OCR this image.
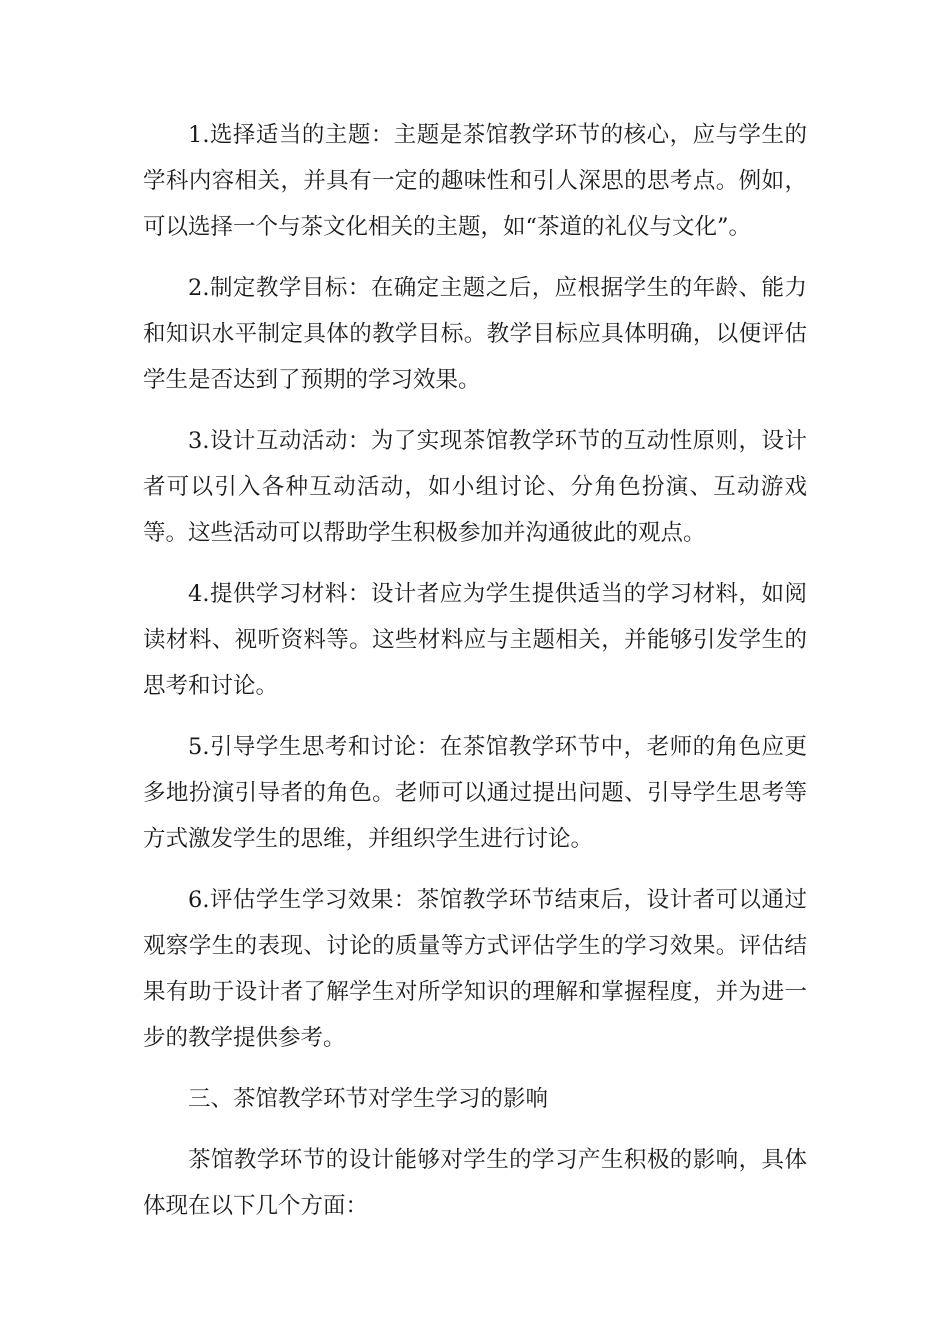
1.选择适当的主题：主题是茶馆教学环节的核心，应与学生的学科内容相关，并具有一定的趣味性和引人深思的思考点。例如，可以选择一个与茶文化相关的主题，如“茶道的礼仪与文化”。

2.制定教学目标：在确定主题之后，应根据学生的年龄、能力和知识水平制定具体的教学目标。教学目标应具体明确，以便评估学生是否达到了预期的学习效果。

3.设计互动活动：为了实现茶馆教学环节的互动性原则，设计者可以引入各种互动活动，如小组讨论、分角色扮演、互动游戏等。这些活动可以帮助学生积极参加并沟通彼此的观点。

4.提供学习材料：设计者应为学生提供适当的学习材料，如阅读材料、视听资料等。这些材料应与主题相关，并能够引发学生的思考和讨论。

5.引导学生思考和讨论：在茶馆教学环节中，老师的角色应更多地扮演引导者的角色。老师可以通过提出问题、引导学生思考等方式激发学生的思维，并组织学生进行讨论。

6.评估学生学习效果：茶馆教学环节结束后，设计者可以通过观察学生的表现、讨论的质量等方式评估学生的学习效果。评估结果有助于设计者了解学生对所学知识的理解和掌握程度，并为进一步的教学提供参考。

三、茶馆教学环节对学生学习的影响

茶馆教学环节的设计能够对学生的学习产生积极的影响，具体体现在以下几个方面：
